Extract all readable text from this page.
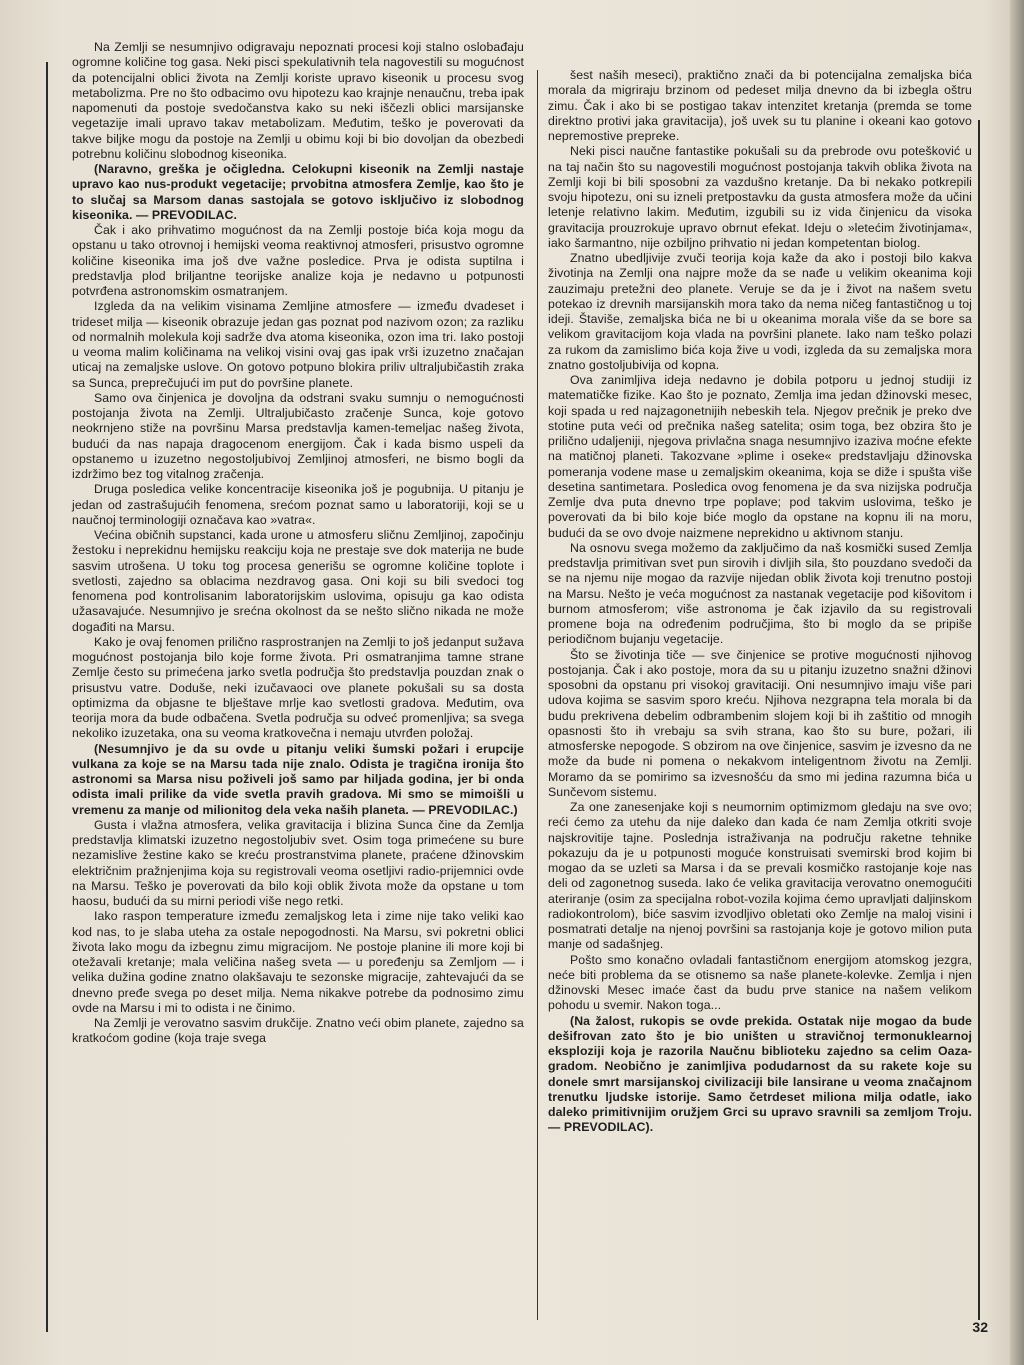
Na Zemlji se nesumnjivo odigravaju nepoznati procesi koji stalno oslobađaju ogromne količine tog gasa. Neki pisci spekulativnih tela nagovestili su mogućnost da potencijalni oblici života na Zemlji koriste upravo kiseonik u procesu svog metabolizma. Pre no što odbacimo ovu hipotezu kao krajnje nenaučnu, treba ipak napomenuti da postoje svedočanstva kako su neki iščezli oblici marsijanske vegetazije imali upravo takav metabolizam. Međutim, teško je poverovati da takve biljke mogu da postoje na Zemlji u obimu koji bi bio dovoljan da obezbedi potrebnu količinu slobodnog kiseonika.

(Naravno, greška je očigledna. Celokupni kiseonik na Zemlji nastaje upravo kao nus-produkt vegetacije; prvobitna atmosfera Zemlje, kao što je to slučaj sa Marsom danas sastojala se gotovo isključivo iz slobodnog kiseonika. — PREVODILAC.

Čak i ako prihvatimo mogućnost da na Zemlji postoje bića koja mogu da opstanu u tako otrovnoj i hemijski veoma reaktivnoj atmosferi, prisustvo ogromne količine kiseonika ima još dve važne posledice. Prva je odista suptilna i predstavlja plod briljantne teorijske analize koja je nedavno u potpunosti potvrđena astronomskim osmatranjem.

Izgleda da na velikim visinama Zemljine atmosfere — između dvadeset i trideset milja — kiseonik obrazuje jedan gas poznat pod nazivom ozon; za razliku od normalnih molekula koji sadrže dva atoma kiseonika, ozon ima tri. Iako postoji u veoma malim količinama na velikoj visini ovaj gas ipak vrši izuzetno značajan uticaj na zemaljske uslove. On gotovo potpuno blokira priliv ultraljubičastih zraka sa Sunca, preprečujući im put do površine planete.

Samo ova činjenica je dovoljna da odstrani svaku sumnju o nemogućnosti postojanja života na Zemlji. Ultraljubičasto zračenje Sunca, koje gotovo neokrnjeno stiže na površinu Marsa predstavlja kamen-temeljac našeg života, budući da nas napaja dragocenom energijom. Čak i kada bismo uspeli da opstanemo u izuzetno negostoljubivoj Zemljinoj atmosferi, ne bismo bogli da izdržimo bez tog vitalnog zračenja.

Druga posledica velike koncentracije kiseonika još je pogubnija. U pitanju je jedan od zastrašujućih fenomena, srećom poznat samo u laboratoriji, koji se u naučnoj terminologiji označava kao »vatra«.

Većina običnih supstanci, kada urone u atmosferu sličnu Zemljinoj, započinju žestoku i neprekidnu hemijsku reakciju koja ne prestaje sve dok materija ne bude sasvim utrošena. U toku tog procesa generišu se ogromne količine toplote i svetlosti, zajedno sa oblacima nezdravog gasa. Oni koji su bili svedoci tog fenomena pod kontrolisanim laboratorijskim uslovima, opisuju ga kao odista užasavajuće. Nesumnjivo je srećna okolnost da se nešto slično nikada ne može događiti na Marsu.

Kako je ovaj fenomen prilično rasprostranjen na Zemlji to još jedanput sužava mogućnost postojanja bilo koje forme života. Pri osmatranjima tamne strane Zemlje često su primećena jarko svetla područja što predstavlja pouzdan znak o prisustvu vatre. Doduše, neki izučavaoci ove planete pokušali su sa dosta optimizma da objasne te blještave mrlje kao svetlosti gradova. Međutim, ova teorija mora da bude odbačena. Svetla područja su odveć promenljiva; sa svega nekoliko izuzetaka, ona su veoma kratkovečna i nemaju utvrđen položaj.

(Nesumnjivo je da su ovde u pitanju veliki šumski požari i erupcije vulkana za koje se na Marsu tada nije znalo. Odista je tragična ironija što astronomi sa Marsa nisu poživeli još samo par hiljada godina, jer bi onda odista imali prilike da vide svetla pravih gradova. Mi smo se mimoišli u vremenu za manje od milionitog dela veka naših planeta. — PREVODILAC.)

Gusta i vlažna atmosfera, velika gravitacija i blizina Sunca čine da Zemlja predstavlja klimatski izuzetno negostoljubiv svet. Osim toga primećene su bure nezamislive žestine kako se kreću prostranstvima planete, praćene džinovskim električnim pražnjenjima koja su registrovali veoma osetljivi radio-prijemnici ovde na Marsu. Teško je poverovati da bilo koji oblik života može da opstane u tom haosu, budući da su mirni periodi više nego retki.

Iako raspon temperature između zemaljskog leta i zime nije tako veliki kao kod nas, to je slaba uteha za ostale nepogodnosti. Na Marsu, svi pokretni oblici života lako mogu da izbegnu zimu migracijom. Ne postoje planine ili more koji bi otežavali kretanje; mala veličina našeg sveta — u poređenju sa Zemljom — i velika dužina godine znatno olakšavaju te sezonske migracije, zahtevajući da se dnevno pređe svega po deset milja. Nema nikakve potrebe da podnosimo zimu ovde na Marsu i mi to odista i ne činimo.

Na Zemlji je verovatno sasvim drukčije. Znatno veći obim planete, zajedno sa kratkoćom godine (koja traje svega

šest naših meseci), praktično znači da bi potencijalna zemaljska bića morala da migriraju brzinom od pedeset milja dnevno da bi izbegla oštru zimu. Čak i ako bi se postigao takav intenzitet kretanja (premda se tome direktno protivi jaka gravitacija), još uvek su tu planine i okeani kao gotovo nepremostive prepreke.

Neki pisci naučne fantastike pokušali su da prebrode ovu potešković u na taj način što su nagovestili mogućnost postojanja takvih oblika života na Zemlji koji bi bili sposobni za vazdušno kretanje. Da bi nekako potkrepili svoju hipotezu, oni su izneli pretpostavku da gusta atmosfera može da učini letenje relativno lakim. Međutim, izgubili su iz vida činjenicu da visoka gravitacija prouzrokuje upravo obrnut efekat. Ideju o »letećim životinjama«, iako šarmantno, nije ozbiljno prihvatio ni jedan kompetentan biolog.

Znatno ubedljivije zvuči teorija koja kaže da ako i postoji bilo kakva životinja na Zemlji ona najpre može da se nađe u velikim okeanima koji zauzimaju pretežni deo planete. Veruje se da je i život na našem svetu potekao iz drevnih marsijanskih mora tako da nema ničeg fantastičnog u toj ideji. Štaviše, zemaljska bića ne bi u okeanima morala više da se bore sa velikom gravitacijom koja vlada na površini planete. Iako nam teško polazi za rukom da zamislimo bića koja žive u vodi, izgleda da su zemaljska mora znatno gostoljubivija od kopna.

Ova zanimljiva ideja nedavno je dobila potporu u jednoj studiji iz matematičke fizike. Kao što je poznato, Zemlja ima jedan džinovski mesec, koji spada u red najzagonetnijih nebeskih tela. Njegov prečnik je preko dve stotine puta veći od prečnika našeg satelita; osim toga, bez obzira što je prilično udaljeniji, njegova privlačna snaga nesumnjivo izaziva moćne efekte na matičnoj planeti. Takozvane »plime i oseke« predstavljaju džinovska pomeranja vodene mase u zemaljskim okeanima, koja se diže i spušta više desetina santimetara. Posledica ovog fenomena je da sva nizijska područja Zemlje dva puta dnevno trpe poplave; pod takvim uslovima, teško je poverovati da bi bilo koje biće moglo da opstane na kopnu ili na moru, budući da se ovo dvoje naizmene neprekidno u aktivnom stanju.

Na osnovu svega možemo da zaključimo da naš kosmički sused Zemlja predstavlja primitivan svet pun sirovih i divljih sila, što pouzdano svedoči da se na njemu nije mogao da razvije nijedan oblik života koji trenutno postoji na Marsu. Nešto je veća mogućnost za nastanak vegetacije pod kišovitom i burnom atmosferom; više astronoma je čak izjavilo da su registrovali promene boja na određenim područjima, što bi moglo da se pripiše periodičnom bujanju vegetacije.

Što se životinja tiče — sve činjenice se protive mogućnosti njihovog postojanja. Čak i ako postoje, mora da su u pitanju izuzetno snažni džinovi sposobni da opstanu pri visokoj gravitaciji. Oni nesumnjivo imaju više pari udova kojima se sasvim sporo kreću. Njihova nezgrapna tela morala bi da budu prekrivena debelim odbrambenim slojem koji bi ih zaštitio od mnogih opasnosti što ih vrebaju sa svih strana, kao što su bure, požari, ili atmosferske nepogode. S obzirom na ove činjenice, sasvim je izvesno da ne može da bude ni pomena o nekakvom inteligentnom životu na Zemlji. Moramo da se pomirimo sa izvesnošću da smo mi jedina razumna bića u Sunčevom sistemu.

Za one zanesenjake koji s neumornim optimizmom gledaju na sve ovo; reći ćemo za utehu da nije daleko dan kada će nam Zemlja otkriti svoje najskrovitije tajne. Poslednja istraživanja na području raketne tehnike pokazuju da je u potpunosti moguće konstruisati svemirski brod kojim bi mogao da se uzleti sa Marsa i da se prevali kosmičko rastojanje koje nas deli od zagonetnog suseda. Iako će velika gravitacija verovatno onemogućiti ateriranje (osim za specijalna robot-vozila kojima ćemo upravljati daljinskom radiokontrolom), biće sasvim izvodljivo obletati oko Zemlje na maloj visini i posmatrati detalje na njenoj površini sa rastojanja koje je gotovo milion puta manje od sadašnjeg.

Pošto smo konačno ovladali fantastičnom energijom atomskog jezgra, neće biti problema da se otisnemo sa naše planete-kolevke. Zemlja i njen džinovski Mesec imaće čast da budu prve stanice na našem velikom pohodu u svemir. Nakon toga...

(Na žalost, rukopis se ovde prekida. Ostatak nije mogao da bude dešifrovan zato što je bio uništen u stravičnoj termonuklearnoj eksploziji koja je razorila Naučnu biblioteku zajedno sa celim Oaza-gradom. Neobično je zanimljiva podudarnost da su rakete koje su donele smrt marsijanskoj civilizaciji bile lansirane u veoma značajnom trenutku ljudske istorije. Samo četrdeset miliona milja odatle, iako daleko primitivnijim oružjem Grci su upravo sravnili sa zemljom Troju. — PREVODILAC).

32
